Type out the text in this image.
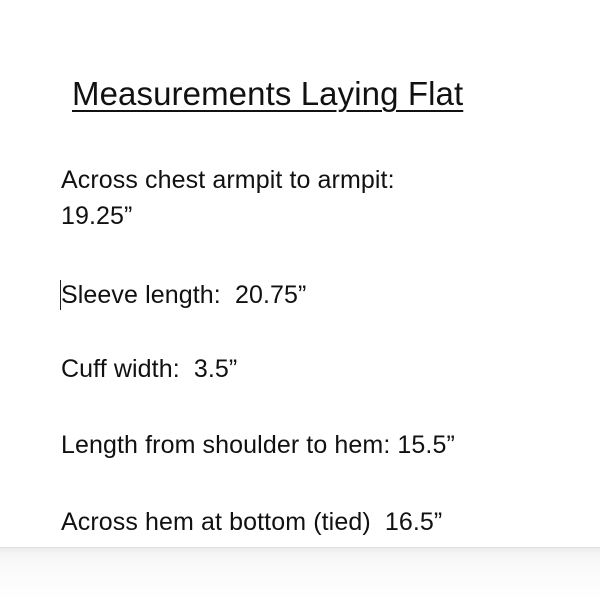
Measurements Laying Flat
Across chest armpit to armpit:
19.25”
Sleeve length:  20.75”
Cuff width:  3.5”
Length from shoulder to hem: 15.5”
Across hem at bottom (tied)  16.5”
